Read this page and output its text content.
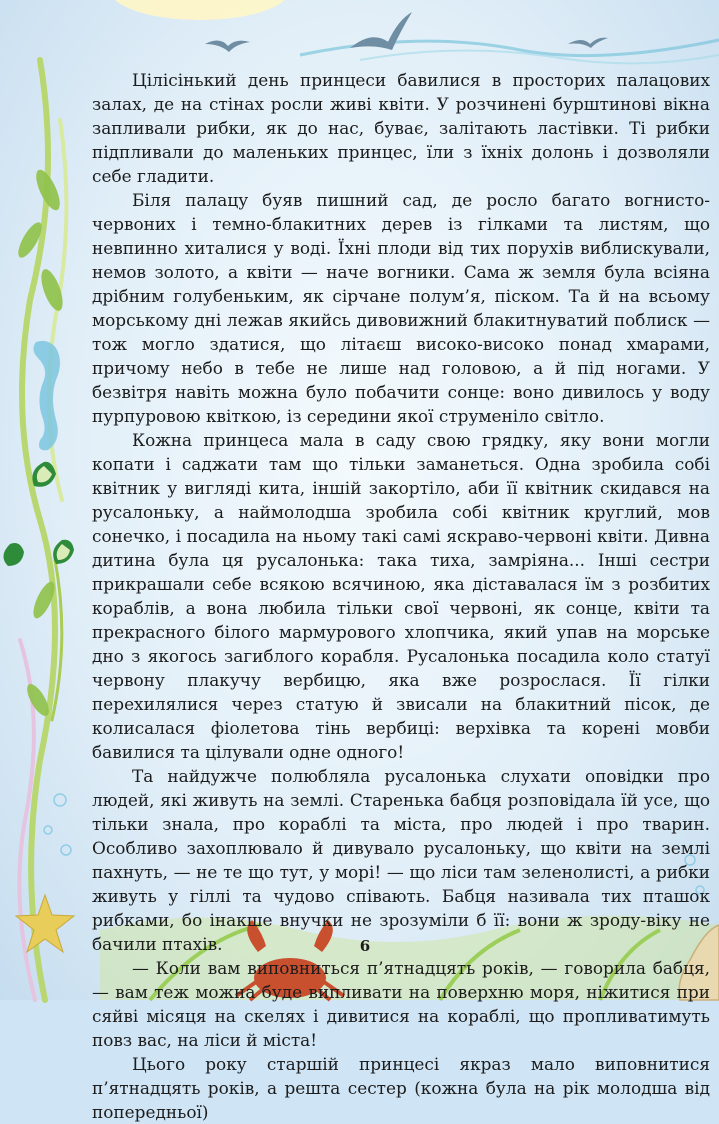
Цілісінький день принцеси бавилися в просторих палацових залах, де на стінах росли живі квіти. У розчинені бурштинові вікна запливали рибки, як до нас, буває, залітають ластівки. Ті рибки підпливали до маленьких принцес, їли з їхніх долонь і дозволяли себе гладити.

Біля палацу буяв пишний сад, де росло багато вогнисто-червоних і темно-блакитних дерев із гілками та листям, що невпинно хиталися у воді. Їхні плоди від тих порухів виблискували, немов золото, а квіти — наче вогники. Сама ж земля була всіяна дрібним голубеньким, як сірчане полум’я, піском. Та й на всьому морському дні лежав якийсь дивовижний блакитнуватий поблиск — тож могло здатися, що літаєш високо-високо понад хмарами, причому небо в тебе не лише над головою, а й під ногами. У безвітря навіть можна було побачити сонце: воно дивилось у воду пурпуровою квіткою, із середини якої струменіло світло.

Кожна принцеса мала в саду свою грядку, яку вони могли копати і саджати там що тільки заманеться. Одна зробила собі квітник у вигляді кита, іншій закортіло, аби її квітник скидався на русалоньку, а наймолодша зробила собі квітник круглий, мов сонечко, і посадила на ньому такі самі яскраво-червоні квіти. Дивна дитина була ця русалонька: така тиха, замріяна... Інші сестри прикрашали себе всякою всячиною, яка діставалася їм з розбитих кораблів, а вона любила тільки свої червоні, як сонце, квіти та прекрасного білого мармурового хлопчика, який упав на морське дно з якогось загиблого корабля. Русалонька посадила коло статуї червону плакучу вербицю, яка вже розрослася. Її гілки перехилялися через статую й звисали на блакитний пісок, де колисалася фіолетова тінь вербиці: верхівка та корені мовби бавилися та цілували одне одного!

Та найдужче полюбляла русалонька слухати оповідки про людей, які живуть на землі. Старенька бабця розповідала їй усе, що тільки знала, про кораблі та міста, про людей і про тварин. Особливо захоплювало й дивувало русалоньку, що квіти на землі пахнуть, — не те що тут, у морі! — що ліси там зеленолисті, а рибки живуть у гіллі та чудово співають. Бабця називала тих пташок рибками, бо інакше внучки не зрозуміли б її: вони ж зроду-віку не бачили птахів.

— Коли вам виповниться п’ятнадцять років, — говорила бабця, — вам теж можна буде випливати на поверхню моря, ніжитися при сяйві місяця на скелях і дивитися на кораблі, що пропливатимуть повз вас, на ліси й міста!

Цього року старшій принцесі якраз мало виповнитися п’ятнадцять років, а решта сестер (кожна була на рік молодша від попередньої)

6
